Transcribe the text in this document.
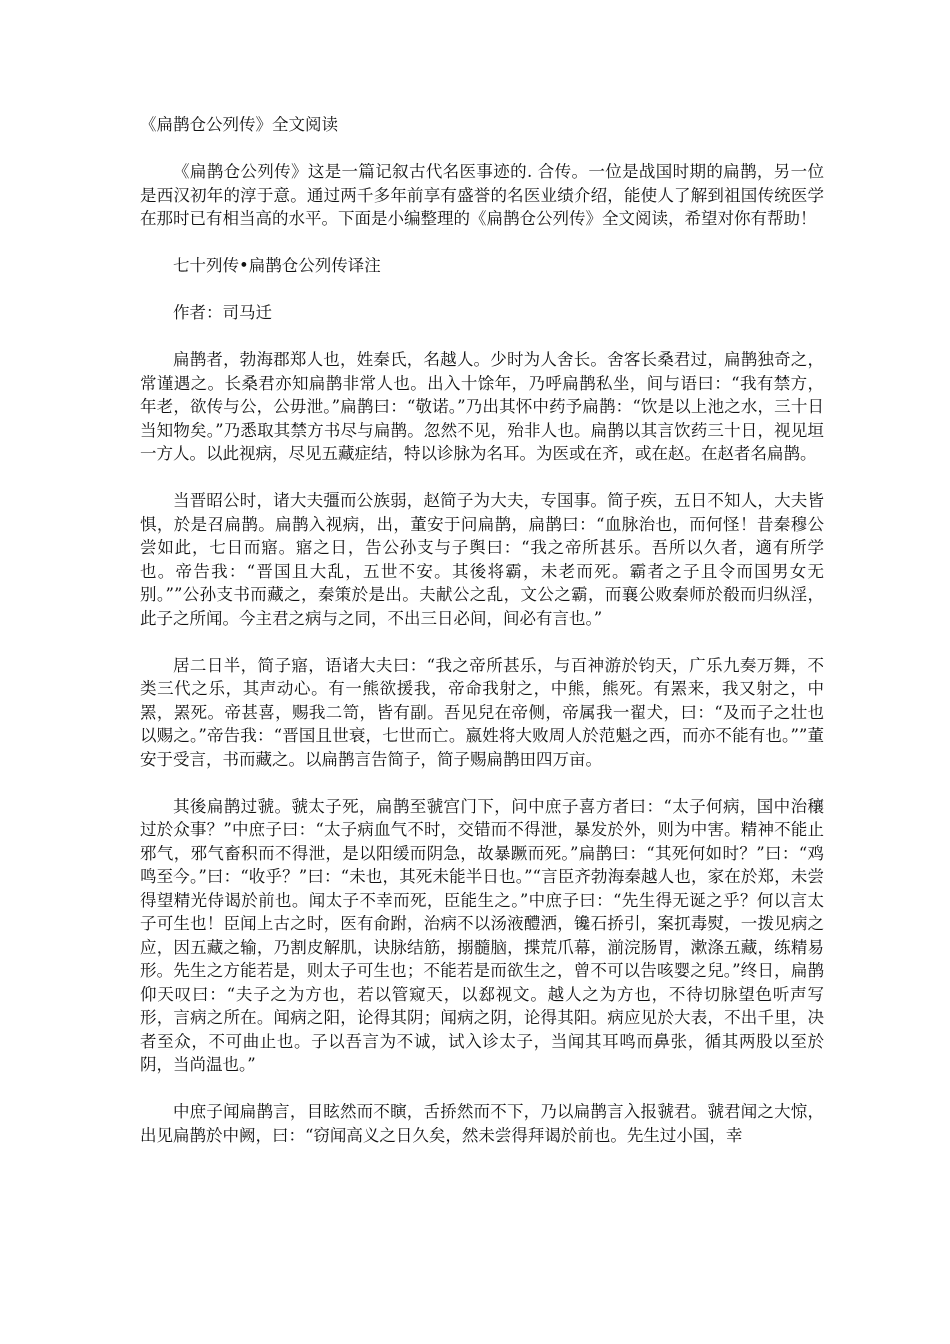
《扁鹊仓公列传》全文阅读

《扁鹊仓公列传》这是一篇记叙古代名医事迹的. 合传。一位是战国时期的扁鹊，另一位是西汉初年的淳于意。通过两千多年前享有盛誉的名医业绩介绍，能使人了解到祖国传统医学在那时已有相当高的水平。下面是小编整理的《扁鹊仓公列传》全文阅读，希望对你有帮助！

七十列传•扁鹊仓公列传译注

作者：司马迁

扁鹊者，勃海郡郑人也，姓秦氏，名越人。少时为人舍长。舍客长桑君过，扁鹊独奇之，常谨遇之。长桑君亦知扁鹊非常人也。出入十馀年，乃呼扁鹊私坐，间与语曰：“我有禁方，年老，欲传与公，公毋泄。”扁鹊曰：“敬诺。”乃出其怀中药予扁鹊：“饮是以上池之水，三十日当知物矣。”乃悉取其禁方书尽与扁鹊。忽然不见，殆非人也。扁鹊以其言饮药三十日，视见垣一方人。以此视病，尽见五藏症结，特以诊脉为名耳。为医或在齐，或在赵。在赵者名扁鹊。

当晋昭公时，诸大夫彊而公族弱，赵简子为大夫，专国事。简子疾，五日不知人，大夫皆惧，於是召扁鹊。扁鹊入视病，出，董安于问扁鹊，扁鹊曰：“血脉治也，而何怪！昔秦穆公尝如此，七日而寤。寤之日，告公孙支与子舆曰：“我之帝所甚乐。吾所以久者，適有所学也。帝告我：“晋国且大乱，五世不安。其後将霸，未老而死。霸者之子且令而国男女无别。””公孙支书而藏之，秦策於是出。夫献公之乱，文公之霸，而襄公败秦师於殽而归纵淫，此子之所闻。今主君之病与之同，不出三日必间，间必有言也。”

居二日半，简子寤，语诸大夫曰：“我之帝所甚乐，与百神游於钧天，广乐九奏万舞，不类三代之乐，其声动心。有一熊欲援我，帝命我射之，中熊，熊死。有罴来，我又射之，中罴，罴死。帝甚喜，赐我二笥，皆有副。吾见兒在帝侧，帝属我一翟犬，曰：“及而子之壮也以赐之。”帝告我：“晋国且世衰，七世而亡。嬴姓将大败周人於范魁之西，而亦不能有也。””董安于受言，书而藏之。以扁鹊言告简子，简子赐扁鹊田四万亩。

其後扁鹊过虢。虢太子死，扁鹊至虢宫门下，问中庶子喜方者曰：“太子何病，国中治穰过於众事？”中庶子曰：“太子病血气不时，交错而不得泄，暴发於外，则为中害。精神不能止邪气，邪气畜积而不得泄，是以阳缓而阴急，故暴蹶而死。”扁鹊曰：“其死何如时？”曰：“鸡鸣至今。”曰：“收乎？”曰：“未也，其死未能半日也。”“言臣齐勃海秦越人也，家在於郑，未尝得望精光侍谒於前也。闻太子不幸而死，臣能生之。”中庶子曰：“先生得无诞之乎？何以言太子可生也！臣闻上古之时，医有俞跗，治病不以汤液醴洒，镵石挢引，案扤毒熨，一拨见病之应，因五藏之输，乃割皮解肌，诀脉结筋，搦髓脑，揲荒爪幕，湔浣肠胃，漱涤五藏，练精易形。先生之方能若是，则太子可生也；不能若是而欲生之，曾不可以告咳婴之兒。”终日，扁鹊仰天叹曰：“夫子之为方也，若以管窥天，以郄视文。越人之为方也，不待切脉望色听声写形，言病之所在。闻病之阳，论得其阴；闻病之阴，论得其阳。病应见於大表，不出千里，决者至众，不可曲止也。子以吾言为不诚，试入诊太子，当闻其耳鸣而鼻张，循其两股以至於阴，当尚温也。”

中庶子闻扁鹊言，目眩然而不瞚，舌挢然而不下，乃以扁鹊言入报虢君。虢君闻之大惊，出见扁鹊於中阙，曰：“窃闻高义之日久矣，然未尝得拜谒於前也。先生过小国，幸
